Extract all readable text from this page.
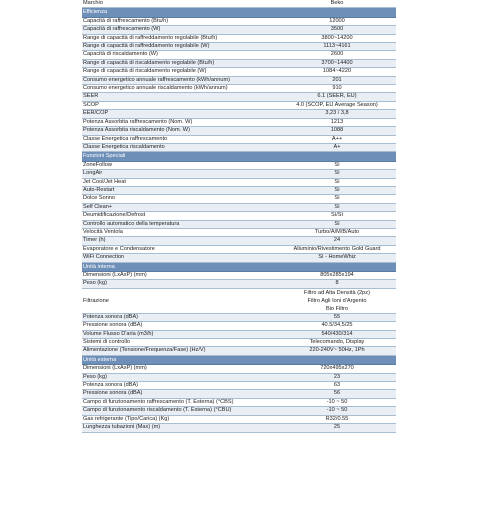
Marchio	Beko
Efficienza	
Capacità di raffrescamento (Btu/h)	12000
Capacità di raffrescamento (W)	3500
Range di capacità di raffreddamento regolabile (Btu/h)	3800~14200
Range di capacità di raffreddamento regolabile (W)	1113~4161
Capacità di riscaldamento (W)	2600
Range di capacità di riscaldamento regolabile (Btu/h)	3700~14400
Range di capacità di riscaldamento regolabile (W)	1084~4220
Consumo energetico annuale raffrescamento (kWh/annum)	201
Consumo energetico annuale riscaldamento (kWh/annum)	910
SEER	6.1 (SEER, EU)
SCOP	4.0 (SCOP, EU Average Season)
EER/COP	3,23 / 3,8
Potenza Assorbita raffrescamento (Nom. W)	1213
Potenza Assorbita riscaldamento (Nom. W)	1088
Classe Energetica raffrescamento	A++
Classe Energetica riscaldamento	A+
Funzioni Speciali	
ZoneFollow	Sì
LongAir	Sì
Jet Cool/Jet Heat	Sì
Auto-Restart	Sì
Dolce Sonno	Sì
Self Clean+	Sì
Deumidificazione/Defrost	Sì/Sì
Controllo automatico della temperatura	Sì
Velocità Ventola	Turbo/A/M/B/Auto
Timer (h)	24
Evaporatore e Condensatore	Alluminio/Rivestimento Gold Guard
WiFi Connection	Sì - HomeWhiz
Unità interna	
Dimensioni (LxAxP) (mm)	805x285x194
Peso (kg)	8
Filtrazione	Filtro ad Alta Densità (2pz)
Filtro Agli Ioni d'Argento
Bio Filtro

Potenza sonora (dBA)	55
Pressione sonora (dBA)	40.5/34.5/25
Volume Flusso D'aria (m3/h)	540/430/314
Sistemi di controllo	Telecomando, Display
Alimentazione (Tensione/Frequenza/Fase) (Hz/V)	220-240V~ 50Hz, 1Ph
Unità esterna	
Dimensioni (LxAxP) (mm)	720x495x270
Peso (kg)	23
Potenza sonora (dBA)	63
Pressione sonora (dBA)	56
Campo di funzionamento raffrescamento (T. Esterna) (°CBS)	-10 ~ 50
Campo di funzionamento riscaldamento (T. Esterna) (°CBU)	-10 ~ 50
Gas refrigerante (Tipo/Carica) (Kg)	R32/0.55
Lunghezza tubazioni (Max) (m)	25
